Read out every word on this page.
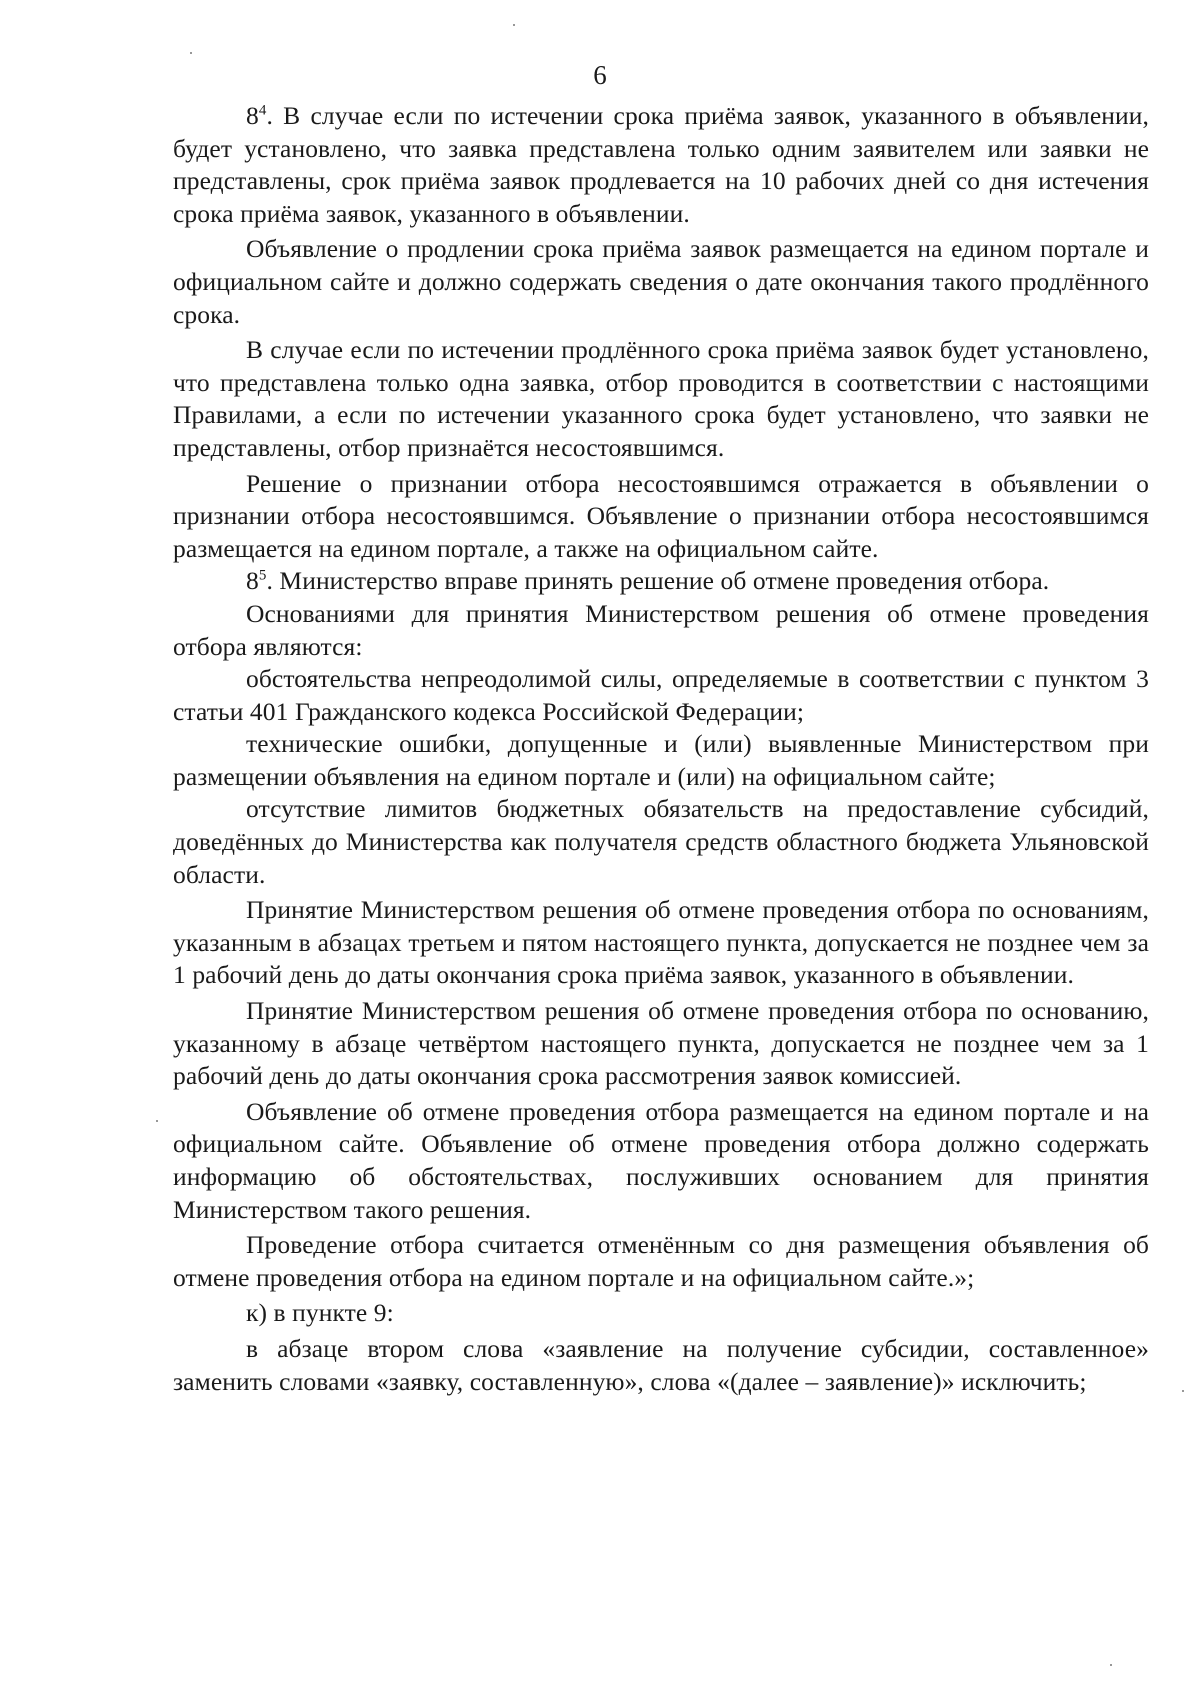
6

$8^4$. В случае если по истечении срока приёма заявок, указанного в объявлении, будет установлено, что заявка представлена только одним заявителем или заявки не представлены, срок приёма заявок продлевается на 10 рабочих дней со дня истечения срока приёма заявок, указанного в объявлении.

Объявление о продлении срока приёма заявок размещается на едином портале и официальном сайте и должно содержать сведения о дате окончания такого продлённого срока.

В случае если по истечении продлённого срока приёма заявок будет установлено, что представлена только одна заявка, отбор проводится в соответствии с настоящими Правилами, а если по истечении указанного срока будет установлено, что заявки не представлены, отбор признаётся несостоявшимся.

Решение о признании отбора несостоявшимся отражается в объявлении о признании отбора несостоявшимся. Объявление о признании отбора несостоявшимся размещается на едином портале, а также на официальном сайте.

$8^5$. Министерство вправе принять решение об отмене проведения отбора.

Основаниями для принятия Министерством решения об отмене проведения отбора являются:

обстоятельства непреодолимой силы, определяемые в соответствии с пунктом 3 статьи 401 Гражданского кодекса Российской Федерации;

технические ошибки, допущенные и (или) выявленные Министерством при размещении объявления на едином портале и (или) на официальном сайте;

отсутствие лимитов бюджетных обязательств на предоставление субсидий, доведённых до Министерства как получателя средств областного бюджета Ульяновской области.

Принятие Министерством решения об отмене проведения отбора по основаниям, указанным в абзацах третьем и пятом настоящего пункта, допускается не позднее чем за 1 рабочий день до даты окончания срока приёма заявок, указанного в объявлении.

Принятие Министерством решения об отмене проведения отбора по основанию, указанному в абзаце четвёртом настоящего пункта, допускается не позднее чем за 1 рабочий день до даты окончания срока рассмотрения заявок комиссией.

Объявление об отмене проведения отбора размещается на едином портале и на официальном сайте. Объявление об отмене проведения отбора должно содержать информацию об обстоятельствах, послуживших основанием для принятия Министерством такого решения.

Проведение отбора считается отменённым со дня размещения объявления об отмене проведения отбора на едином портале и на официальном сайте.»;

к) в пункте 9:

в абзаце втором слова «заявление на получение субсидии, составленное» заменить словами «заявку, составленную», слова «(далее – заявление)» исключить;
